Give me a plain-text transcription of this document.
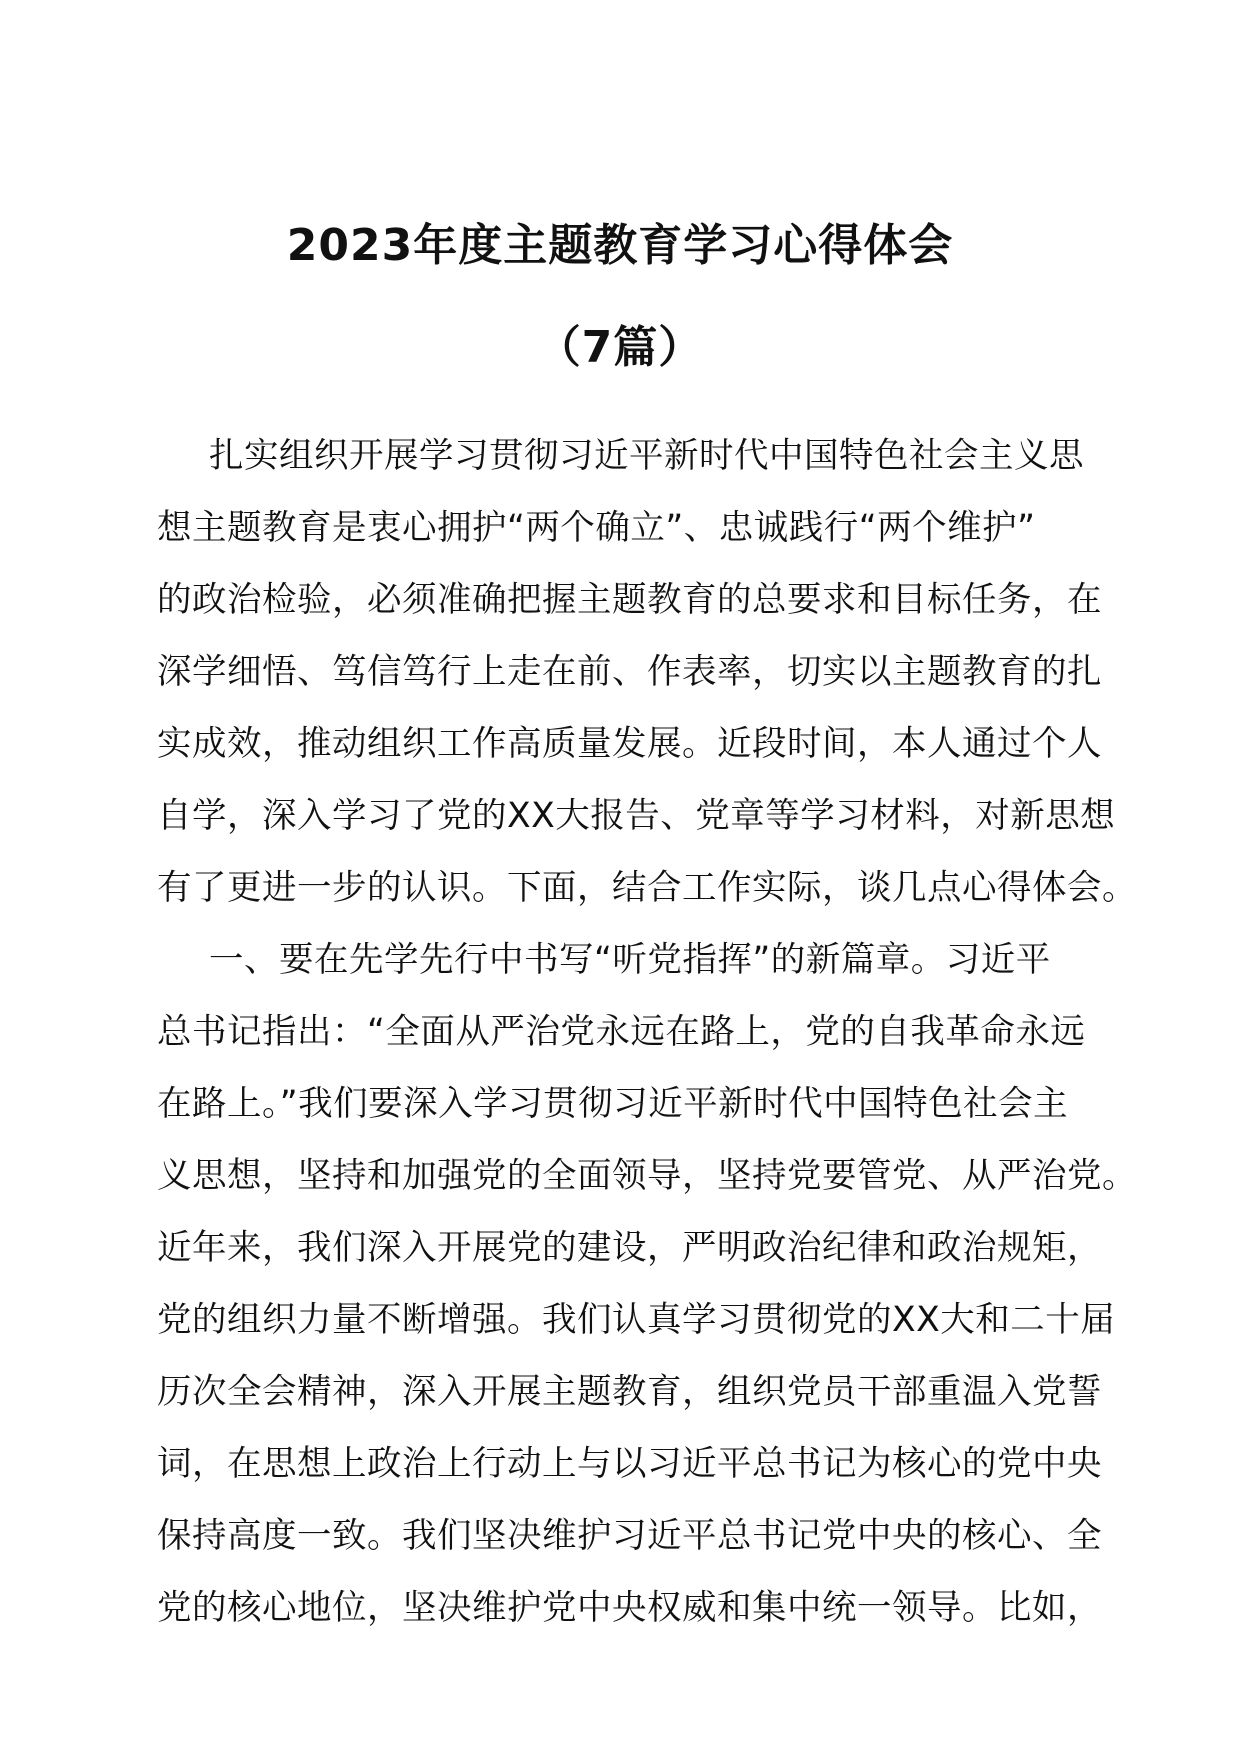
2023年度主题教育学习心得体会
（7篇）
扎实组织开展学习贯彻习近平新时代中国特色社会主义思
想主题教育是衷心拥护“两个确立”、忠诚践行“两个维护”
的政治检验，必须准确把握主题教育的总要求和目标任务，在
深学细悟、笃信笃行上走在前、作表率，切实以主题教育的扎
实成效，推动组织工作高质量发展。近段时间，本人通过个人
自学，深入学习了党的XX大报告、党章等学习材料，对新思想
有了更进一步的认识。下面，结合工作实际，谈几点心得体会。
一、要在先学先行中书写“听党指挥”的新篇章。习近平
总书记指出：“全面从严治党永远在路上，党的自我革命永远
在路上。”我们要深入学习贯彻习近平新时代中国特色社会主
义思想，坚持和加强党的全面领导，坚持党要管党、从严治党。
近年来，我们深入开展党的建设，严明政治纪律和政治规矩，
党的组织力量不断增强。我们认真学习贯彻党的XX大和二十届
历次全会精神，深入开展主题教育，组织党员干部重温入党誓
词，在思想上政治上行动上与以习近平总书记为核心的党中央
保持高度一致。我们坚决维护习近平总书记党中央的核心、全
党的核心地位，坚决维护党中央权威和集中统一领导。比如，
